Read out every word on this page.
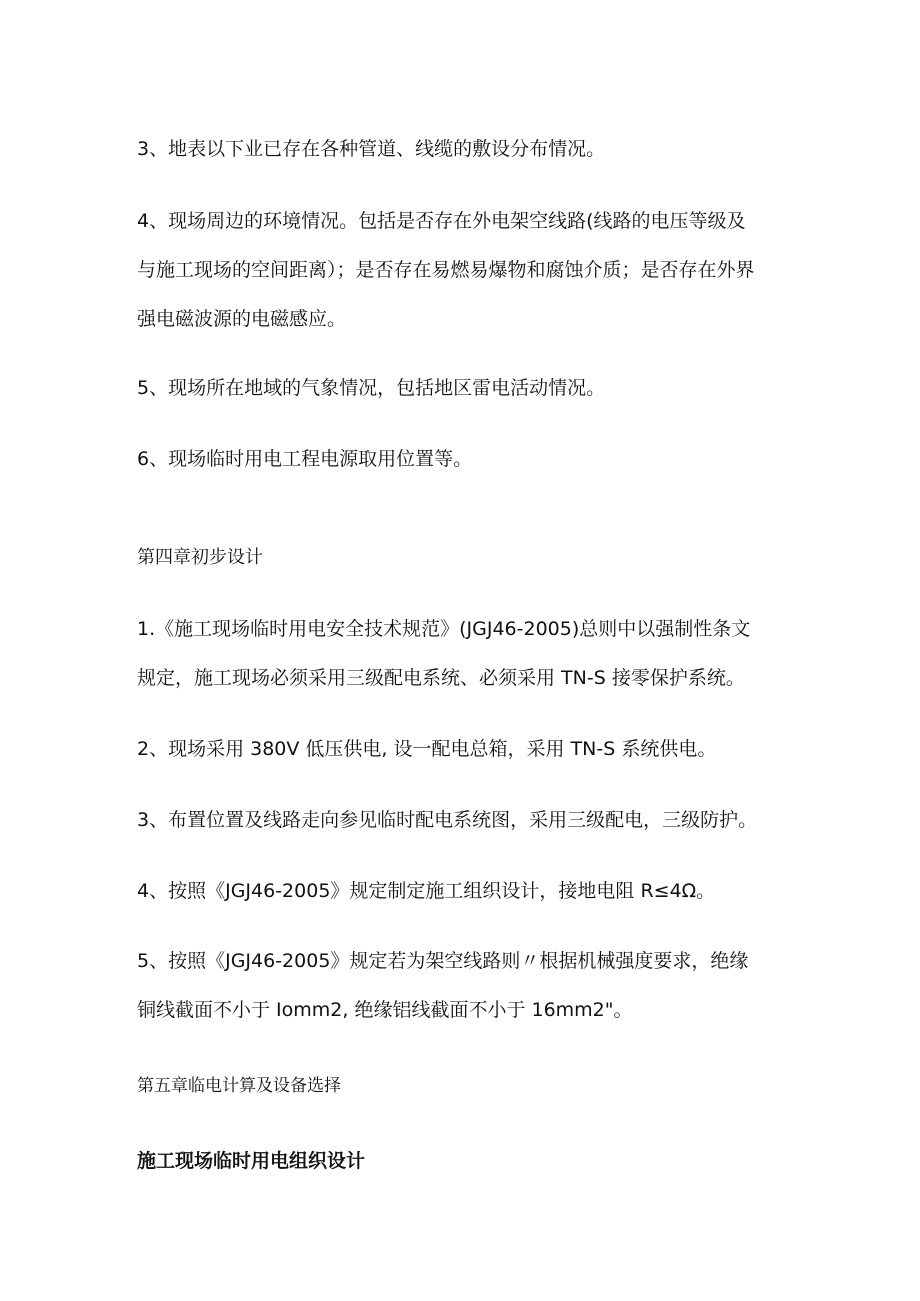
3、地表以下业已存在各种管道、线缆的敷设分布情况。
4、现场周边的环境情况。包括是否存在外电架空线路(线路的电压等级及
与施工现场的空间距离）；是否存在易燃易爆物和腐蚀介质；是否存在外界
强电磁波源的电磁感应。
5、现场所在地域的气象情况，包括地区雷电活动情况。
6、现场临时用电工程电源取用位置等。
第四章初步设计
1.《施工现场临时用电安全技术规范》(JGJ46-2005)总则中以强制性条文
规定，施工现场必须采用三级配电系统、必须采用 TN-S 接零保护系统。
2、现场采用 380V 低压供电, 设一配电总箱，采用 TN-S 系统供电。
3、布置位置及线路走向参见临时配电系统图，采用三级配电，三级防护。
4、按照《JGJ46-2005》规定制定施工组织设计，接地电阻 R≤4Ω。
5、按照《JGJ46-2005》规定若为架空线路则〃根据机械强度要求，绝缘
铜线截面不小于 Iomm2, 绝缘铝线截面不小于 16mm2"。
第五章临电计算及设备选择
施工现场临时用电组织设计
